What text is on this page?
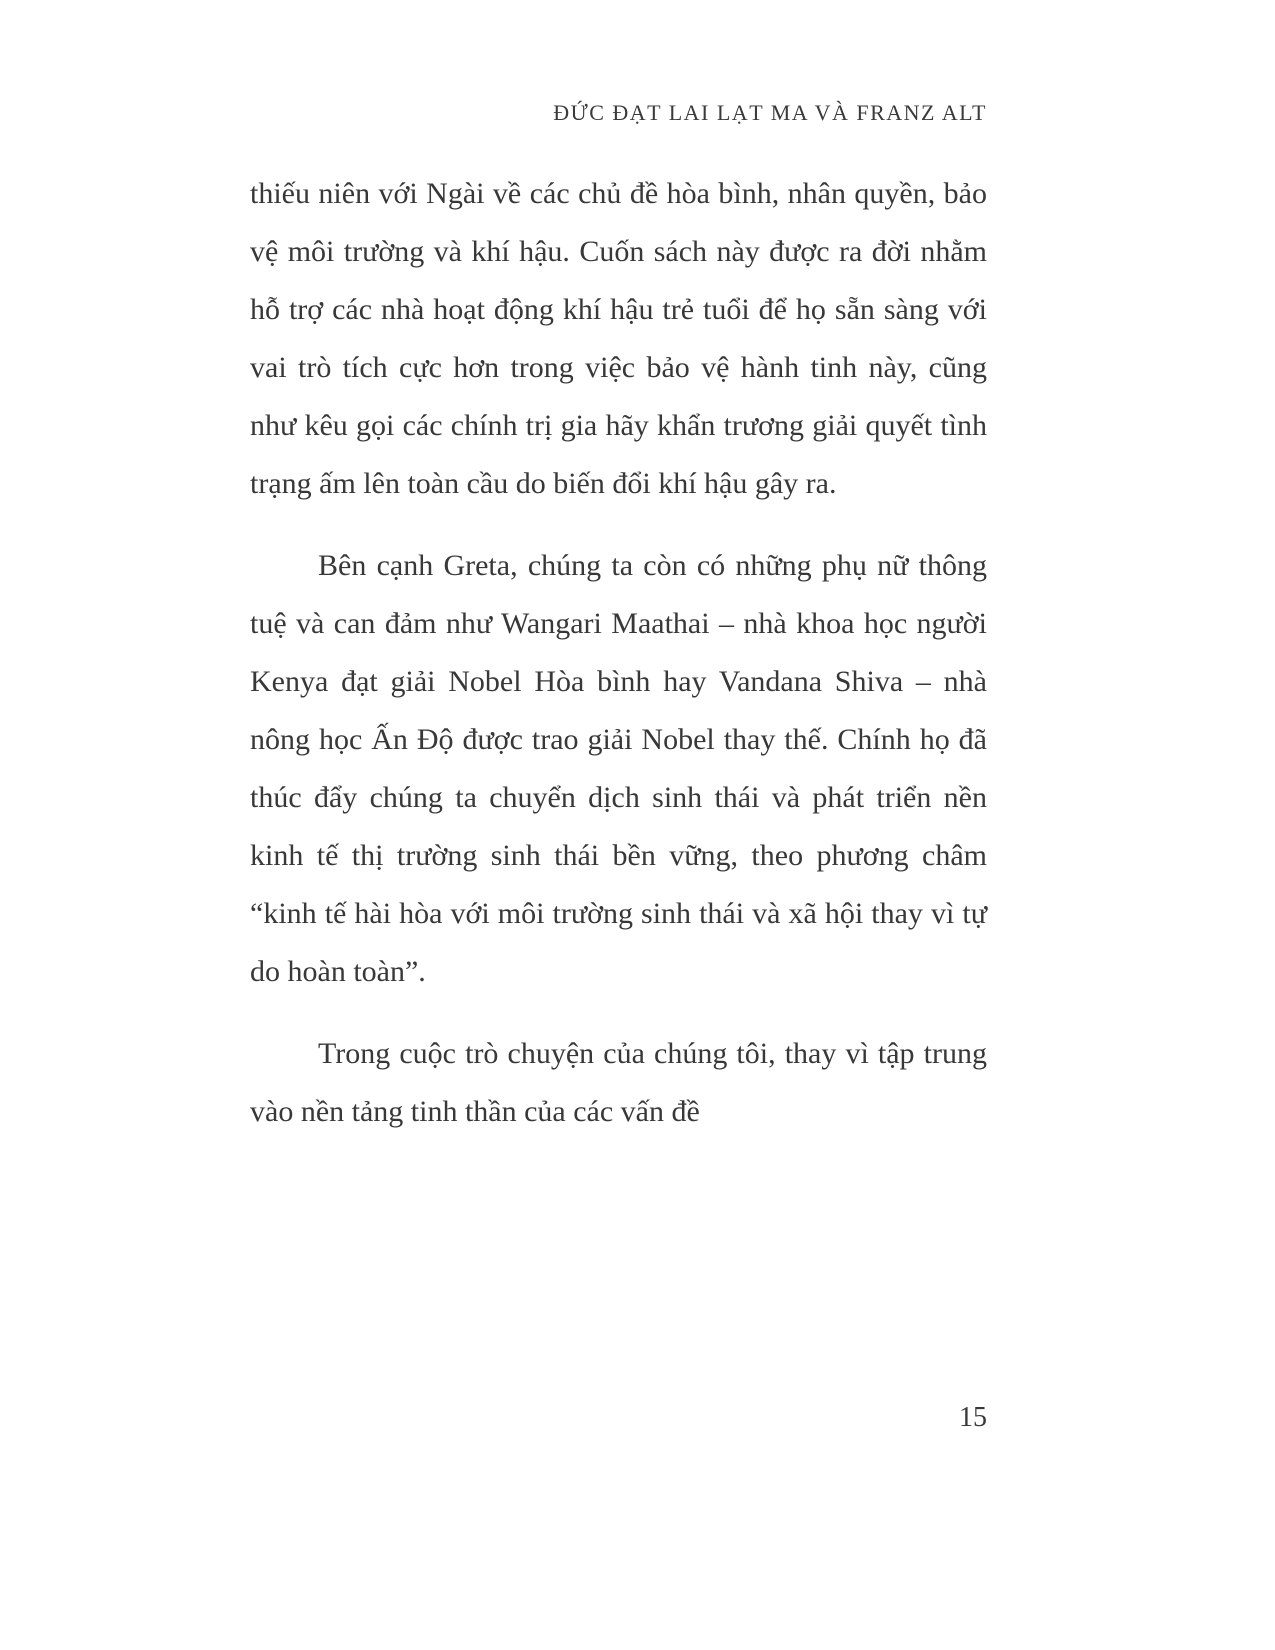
ĐỨC ĐẠT LAI LẠT MA VÀ FRANZ ALT

thiếu niên với Ngài về các chủ đề hòa bình, nhân quyền, bảo vệ môi trường và khí hậu. Cuốn sách này được ra đời nhằm hỗ trợ các nhà hoạt động khí hậu trẻ tuổi để họ sẵn sàng với vai trò tích cực hơn trong việc bảo vệ hành tinh này, cũng như kêu gọi các chính trị gia hãy khẩn trương giải quyết tình trạng ấm lên toàn cầu do biến đổi khí hậu gây ra.

Bên cạnh Greta, chúng ta còn có những phụ nữ thông tuệ và can đảm như Wangari Maathai – nhà khoa học người Kenya đạt giải Nobel Hòa bình hay Vandana Shiva – nhà nông học Ấn Độ được trao giải Nobel thay thế. Chính họ đã thúc đẩy chúng ta chuyển dịch sinh thái và phát triển nền kinh tế thị trường sinh thái bền vững, theo phương châm “kinh tế hài hòa với môi trường sinh thái và xã hội thay vì tự do hoàn toàn”.

Trong cuộc trò chuyện của chúng tôi, thay vì tập trung vào nền tảng tinh thần của các vấn đề

15
